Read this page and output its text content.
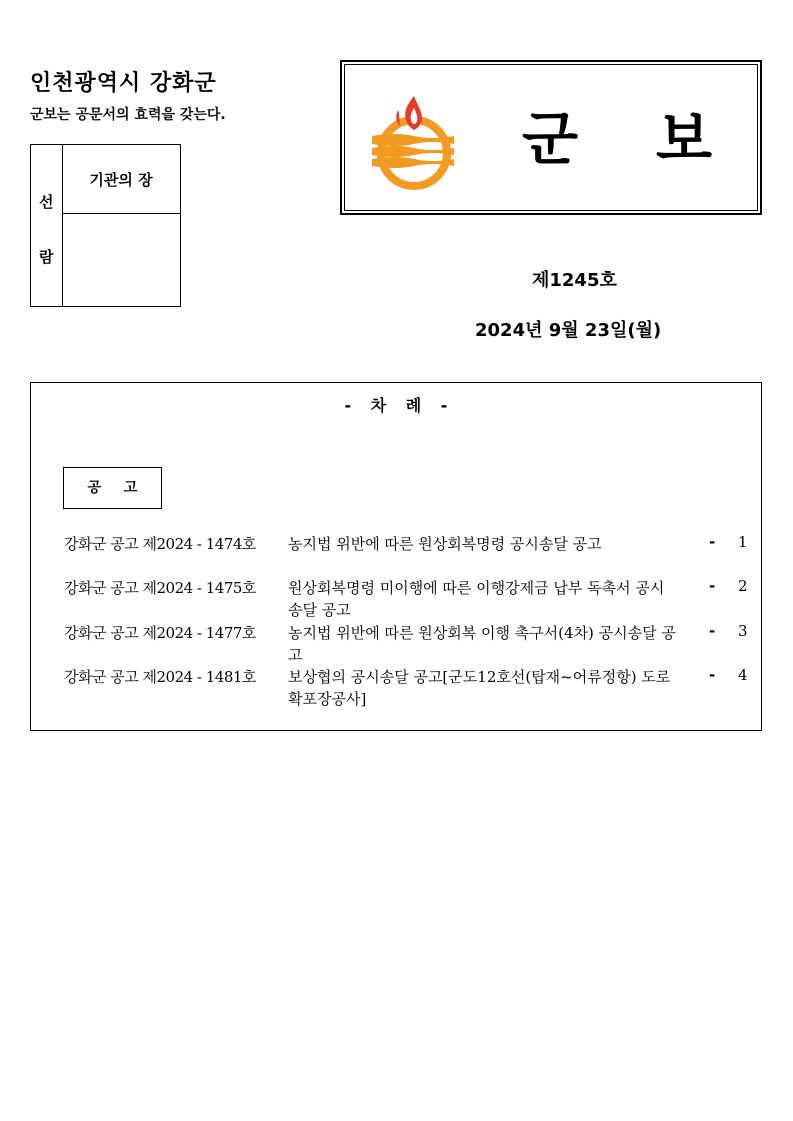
인천광역시 강화군
군보는 공문서의 효력을 갖는다.
선
람
기관의 장
군 보
제1245호
2024년 9월 23일(월)
- 차 례 -
공 고
강화군 공고 제2024 - 1474호 농지법 위반에 따른 원상회복명령 공시송달 공고	- 1
강화군 공고 제2024 - 1475호 원상회복명령 미이행에 따른 이행강제금 납부 독촉서 공시송달 공고
- 2
강화군 공고 제2024 - 1477호 농지법 위반에 따른 원상회복 이행 촉구서(4차) 공시송달 공고
- 3
강화군 공고 제2024 - 1481호 보상협의 공시송달 공고[군도12호선(탑재~어류정항) 도로확포장공사]
- 4
